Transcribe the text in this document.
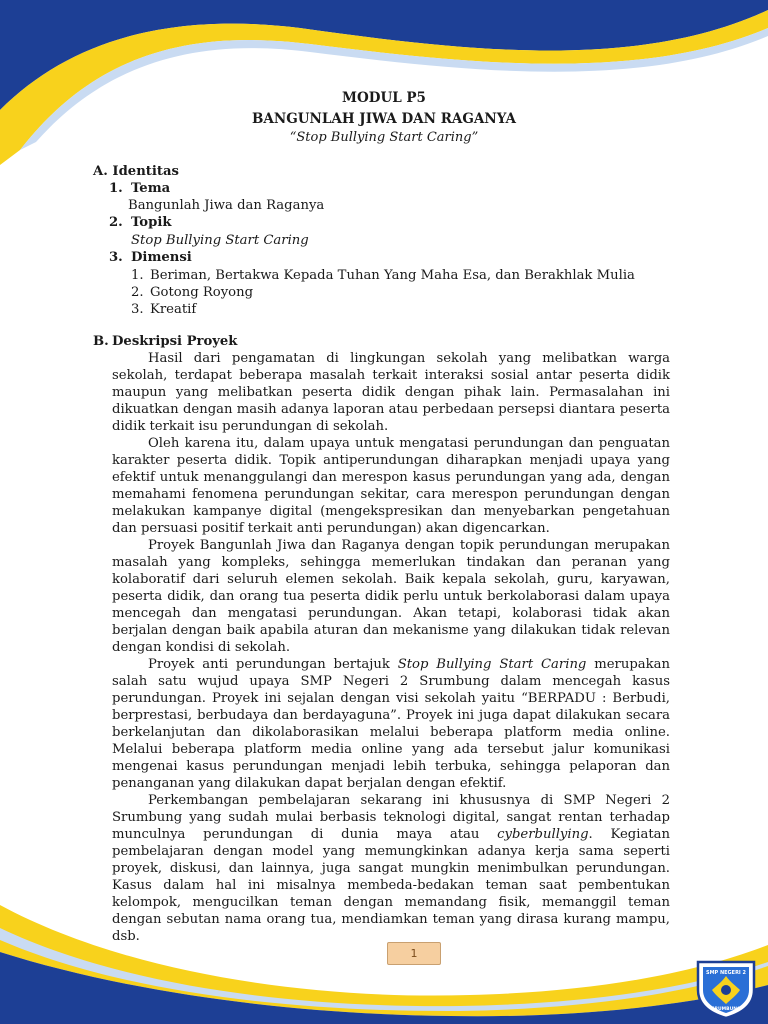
MODUL P5
BANGUNLAH JIWA DAN RAGANYA
“Stop Bullying Start Caring”
A. Identitas
1. Tema
Bangunlah Jiwa dan Raganya
2. Topik
Stop Bullying Start Caring
3. Dimensi
1. Beriman, Bertakwa Kepada Tuhan Yang Maha Esa, dan Berakhlak Mulia
2. Gotong Royong
3. Kreatif
B. Deskripsi Proyek

Hasil dari pengamatan di lingkungan sekolah yang melibatkan warga sekolah, terdapat beberapa masalah terkait interaksi sosial antar peserta didik maupun yang melibatkan peserta didik dengan pihak lain. Permasalahan ini dikuatkan dengan masih adanya laporan atau perbedaan persepsi diantara peserta didik terkait isu perundungan di sekolah.

Oleh karena itu, dalam upaya untuk mengatasi perundungan dan penguatan karakter peserta didik. Topik antiperundungan diharapkan menjadi upaya yang efektif untuk menanggulangi dan merespon kasus perundungan yang ada, dengan memahami fenomena perundungan sekitar, cara merespon perundungan dengan melakukan kampanye digital (mengekspresikan dan menyebarkan pengetahuan dan persuasi positif terkait anti perundungan) akan digencarkan.

Proyek Bangunlah Jiwa dan Raganya dengan topik perundungan merupakan masalah yang kompleks, sehingga memerlukan tindakan dan peranan yang kolaboratif dari seluruh elemen sekolah. Baik kepala sekolah, guru, karyawan, peserta didik, dan orang tua peserta didik perlu untuk berkolaborasi dalam upaya mencegah dan mengatasi perundungan. Akan tetapi, kolaborasi tidak akan berjalan dengan baik apabila aturan dan mekanisme yang dilakukan tidak relevan dengan kondisi di sekolah.

Proyek anti perundungan bertajuk Stop Bullying Start Caring merupakan salah satu wujud upaya SMP Negeri 2 Srumbung dalam mencegah kasus perundungan. Proyek ini sejalan dengan visi sekolah yaitu “BERPADU : Berbudi, berprestasi, berbudaya dan berdayaguna”. Proyek ini juga dapat dilakukan secara berkelanjutan dan dikolaborasikan melalui beberapa platform media online. Melalui beberapa platform media online yang ada tersebut jalur komunikasi mengenai kasus perundungan menjadi lebih terbuka, sehingga pelaporan dan penanganan yang dilakukan dapat berjalan dengan efektif.

Perkembangan pembelajaran sekarang ini khususnya di SMP Negeri 2 Srumbung yang sudah mulai berbasis teknologi digital, sangat rentan terhadap munculnya perundungan di dunia maya atau cyberbullying. Kegiatan pembelajaran dengan model yang memungkinkan adanya kerja sama seperti proyek, diskusi, dan lainnya, juga sangat mungkin menimbulkan perundungan. Kasus dalam hal ini misalnya membeda-bedakan teman saat pembentukan kelompok, mengucilkan teman dengan memandang fisik, memanggil teman dengan sebutan nama orang tua, mendiamkan teman yang dirasa kurang mampu, dsb.

1
SMP NEGERI 2
SRUMBUNG
